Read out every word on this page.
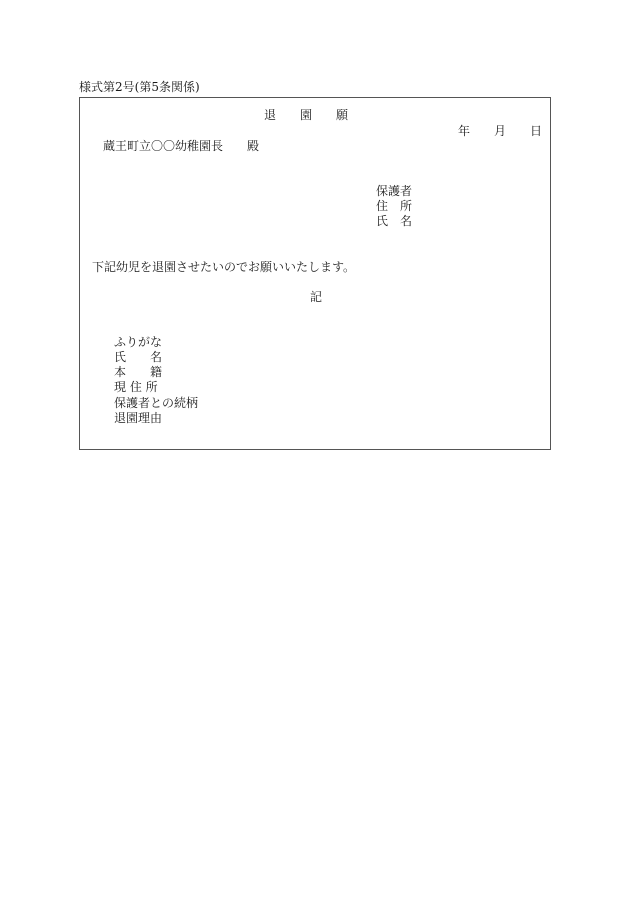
様式第2号(第5条関係)
退　　園　　願
年　　月　　日
蔵王町立〇〇幼稚園長　　殿
保護者
住　所
氏　名
下記幼児を退園させたいのでお願いいたします。
記
ふりがな
氏　　名
本　　籍
現 住 所
保護者との続柄
退園理由
